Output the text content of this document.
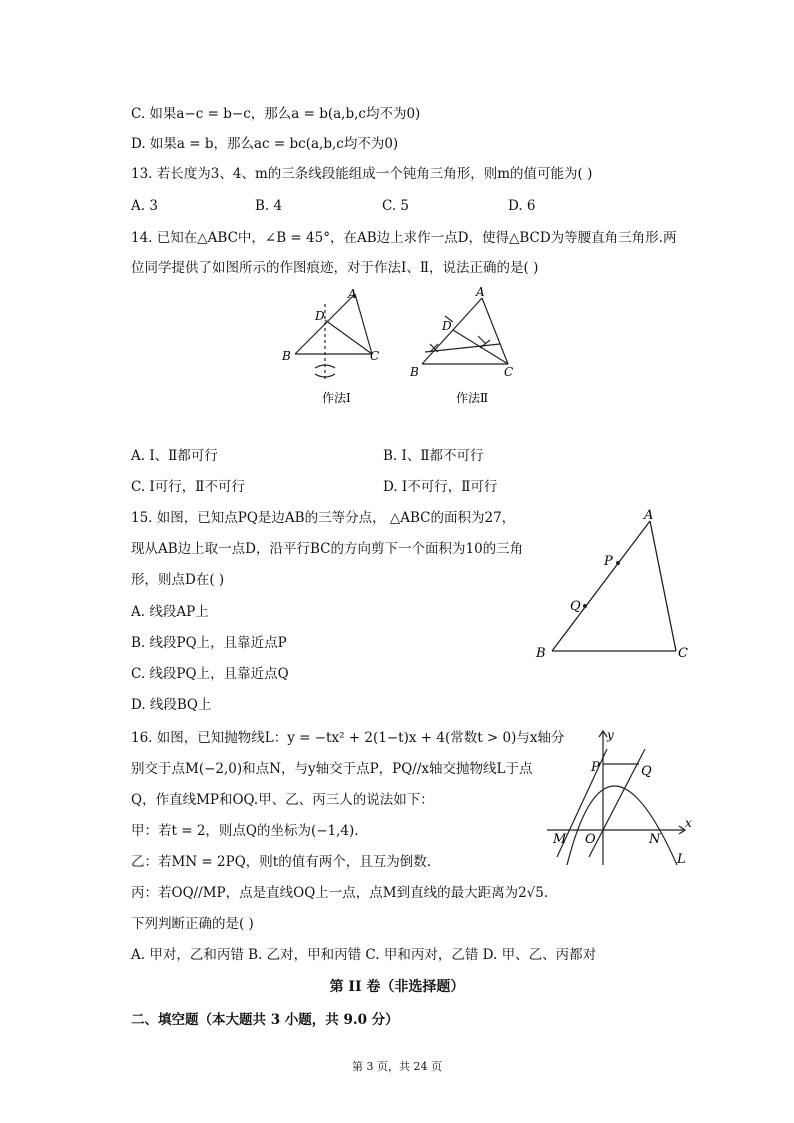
C. 如果a−c = b−c，那么a = b(a,b,c均不为0)
D. 如果a = b，那么ac = bc(a,b,c均不为0)
13. 若长度为3、4、m的三条线段能组成一个钝角三角形，则m的值可能为( )
A. 3	B. 4	C. 5	D. 6
14. 已知在△ABC中，∠B = 45°，在AB边上求作一点D，使得△BCD为等腰直角三角形.两
位同学提供了如图所示的作图痕迹，对于作法Ⅰ、Ⅱ，说法正确的是( )
A
D
B	C
作法Ⅰ
A
D
B	C
作法Ⅱ
A. Ⅰ、Ⅱ都可行	B. Ⅰ、Ⅱ都不可行
C. Ⅰ可行，Ⅱ不可行	D. Ⅰ不可行，Ⅱ可行
15. 如图，已知点PQ是边AB的三等分点， △ABC的面积为27，
现从AB边上取一点D，沿平行BC的方向剪下一个面积为10的三角
形，则点D在( )
A. 线段AP上
B. 线段PQ上，且靠近点P
C. 线段PQ上，且靠近点Q
D. 线段BQ上
A
P
Q
B	C
16. 如图，已知抛物线L：y = −tx² + 2(1−t)x + 4(常数t > 0)与x轴分
别交于点M(−2,0)和点N，与y轴交于点P，PQ//x轴交抛物线L于点
Q，作直线MP和OQ.甲、乙、丙三人的说法如下：
甲：若t = 2，则点Q的坐标为(−1,4).
乙：若MN = 2PQ，则t的值有两个，且互为倒数.
丙：若OQ//MP，点是直线OQ上一点，点M到直线的最大距离为2√5.
下列判断正确的是( )
A. 甲对，乙和丙错 B. 乙对，甲和丙错 C. 甲和丙对，乙错 D. 甲、乙、丙都对
y
P	Q
M O	N
x
L
第 II 卷（非选择题）
二、填空题（本大题共 3 小题，共 9.0 分）
第 3 页，共 24 页
